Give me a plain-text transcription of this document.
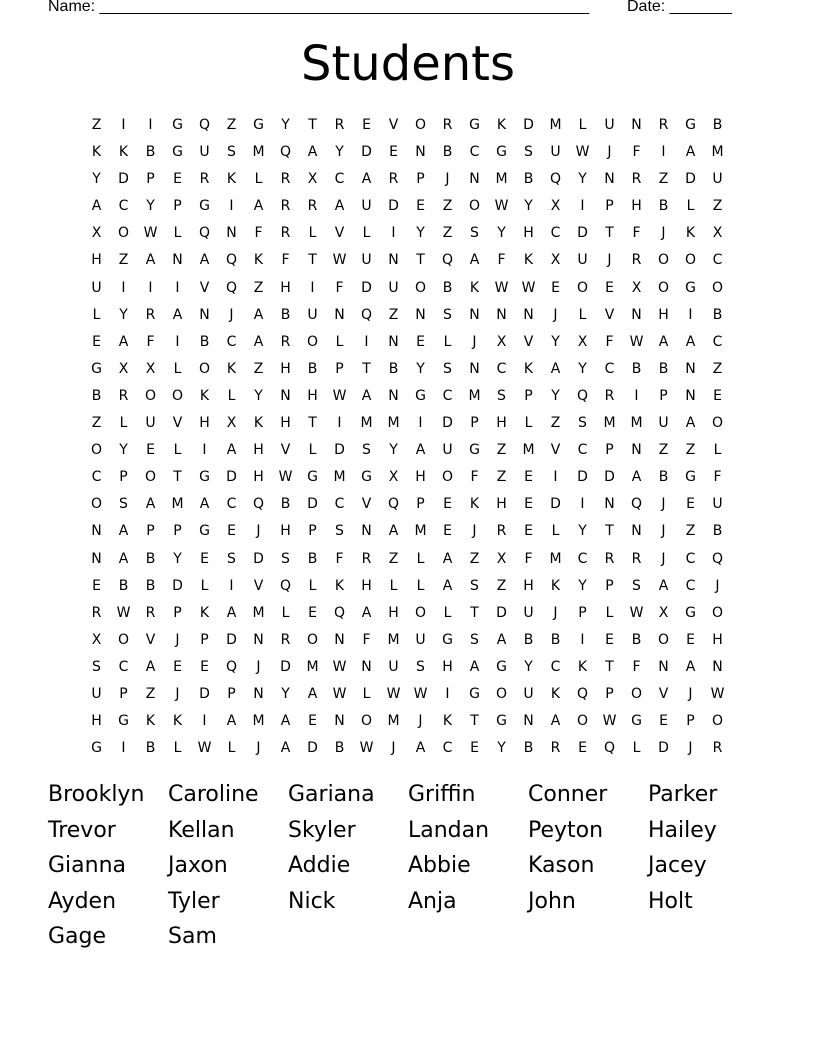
Name: _______________________________________________________ Date: _______
Students
Z I I G Q Z G Y T R E V O R G K D M L U N R G B
K K B G U S M Q A Y D E N B C G S U W J F I A M
Y D P E R K L R X C A R P J N M B Q Y N R Z D U
A C Y P G I A R R A U D E Z O W Y X I P H B L Z
X O W L Q N F R L V L I Y Z S Y H C D T F J K X
H Z A N A Q K F T W U N T Q A F K X U J R O O C
U I I I V Q Z H I F D U O B K W W E O E X O G O
L Y R A N J A B U N Q Z N S N N N J L V N H I B
E A F I B C A R O L I N E L J X V Y X F W A A C
G X X L O K Z H B P T B Y S N C K A Y C B B N Z
B R O O K L Y N H W A N G C M S P Y Q R I P N E
Z L U V H X K H T I M M I D P H L Z S M M U A O
O Y E L I A H V L D S Y A U G Z M V C P N Z Z L
C P O T G D H W G M G X H O F Z E I D D A B G F
O S A M A C Q B D C V Q P E K H E D I N Q J E U
N A P P G E J H P S N A M E J R E L Y T N J Z B
N A B Y E S D S B F R Z L A Z X F M C R R J C Q
E B B D L I V Q L K H L L A S Z H K Y P S A C J
R W R P K A M L E Q A H O L T D U J P L W X G O
X O V J P D N R O N F M U G S A B B I E B O E H
S C A E E Q J D M W N U S H A G Y C K T F N A N
U P Z J D P N Y A W L W W I G O U K Q P O V J W
H G K K I A M A E N O M J K T G N A O W G E P O
G I B L W L J A D B W J A C E Y B R E Q L D J R
Brooklyn Caroline Gariana Griffin Conner Parker
Trevor Kellan Skyler Landan Peyton Hailey
Gianna Jaxon	Addie	Abbie	Kason Jacey
Ayden Tyler	Nick	Anja	John	Holt
Gage	Sam
